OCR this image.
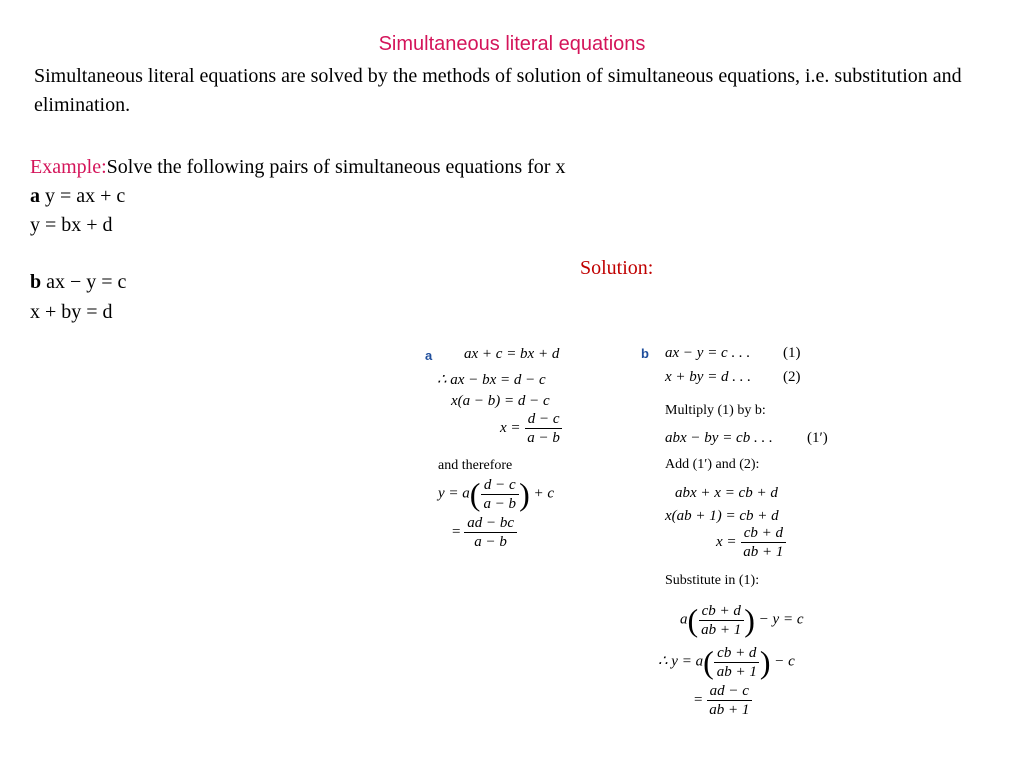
Simultaneous literal equations
Simultaneous literal equations are solved by the methods of solution of simultaneous equations, i.e. substitution and elimination.
Example:Solve the following pairs of simultaneous equations for x
a y = ax + c
y = bx + d
b ax − y = c
x + by = d
Solution:
a ax + c = bx + d
∴ ax − bx = d − c
x(a − b) = d − c
$x = \frac{d - c}{a - b}$
and therefore
$y = a( \frac{d - c}{a - b}$ ) + c
= $\frac{ad - bc}{a - b}$
b ax − y = c . . . (1)
x + by = d . . . (2)
Multiply (1) by b:
abx − by = cb . . . (1′)
Add (1′) and (2):
abx + x = cb + d
x(ab + 1) = cb + d
$x = \frac{cb + d}{ab + 1}$
Substitute in (1):
$a( \frac{cb + d}{ab + 1}$ ) − y = c
∴ $y = a( \frac{cb + d}{ab + 1}$ ) − c
= $\frac{ad - c}{ab + 1}$
